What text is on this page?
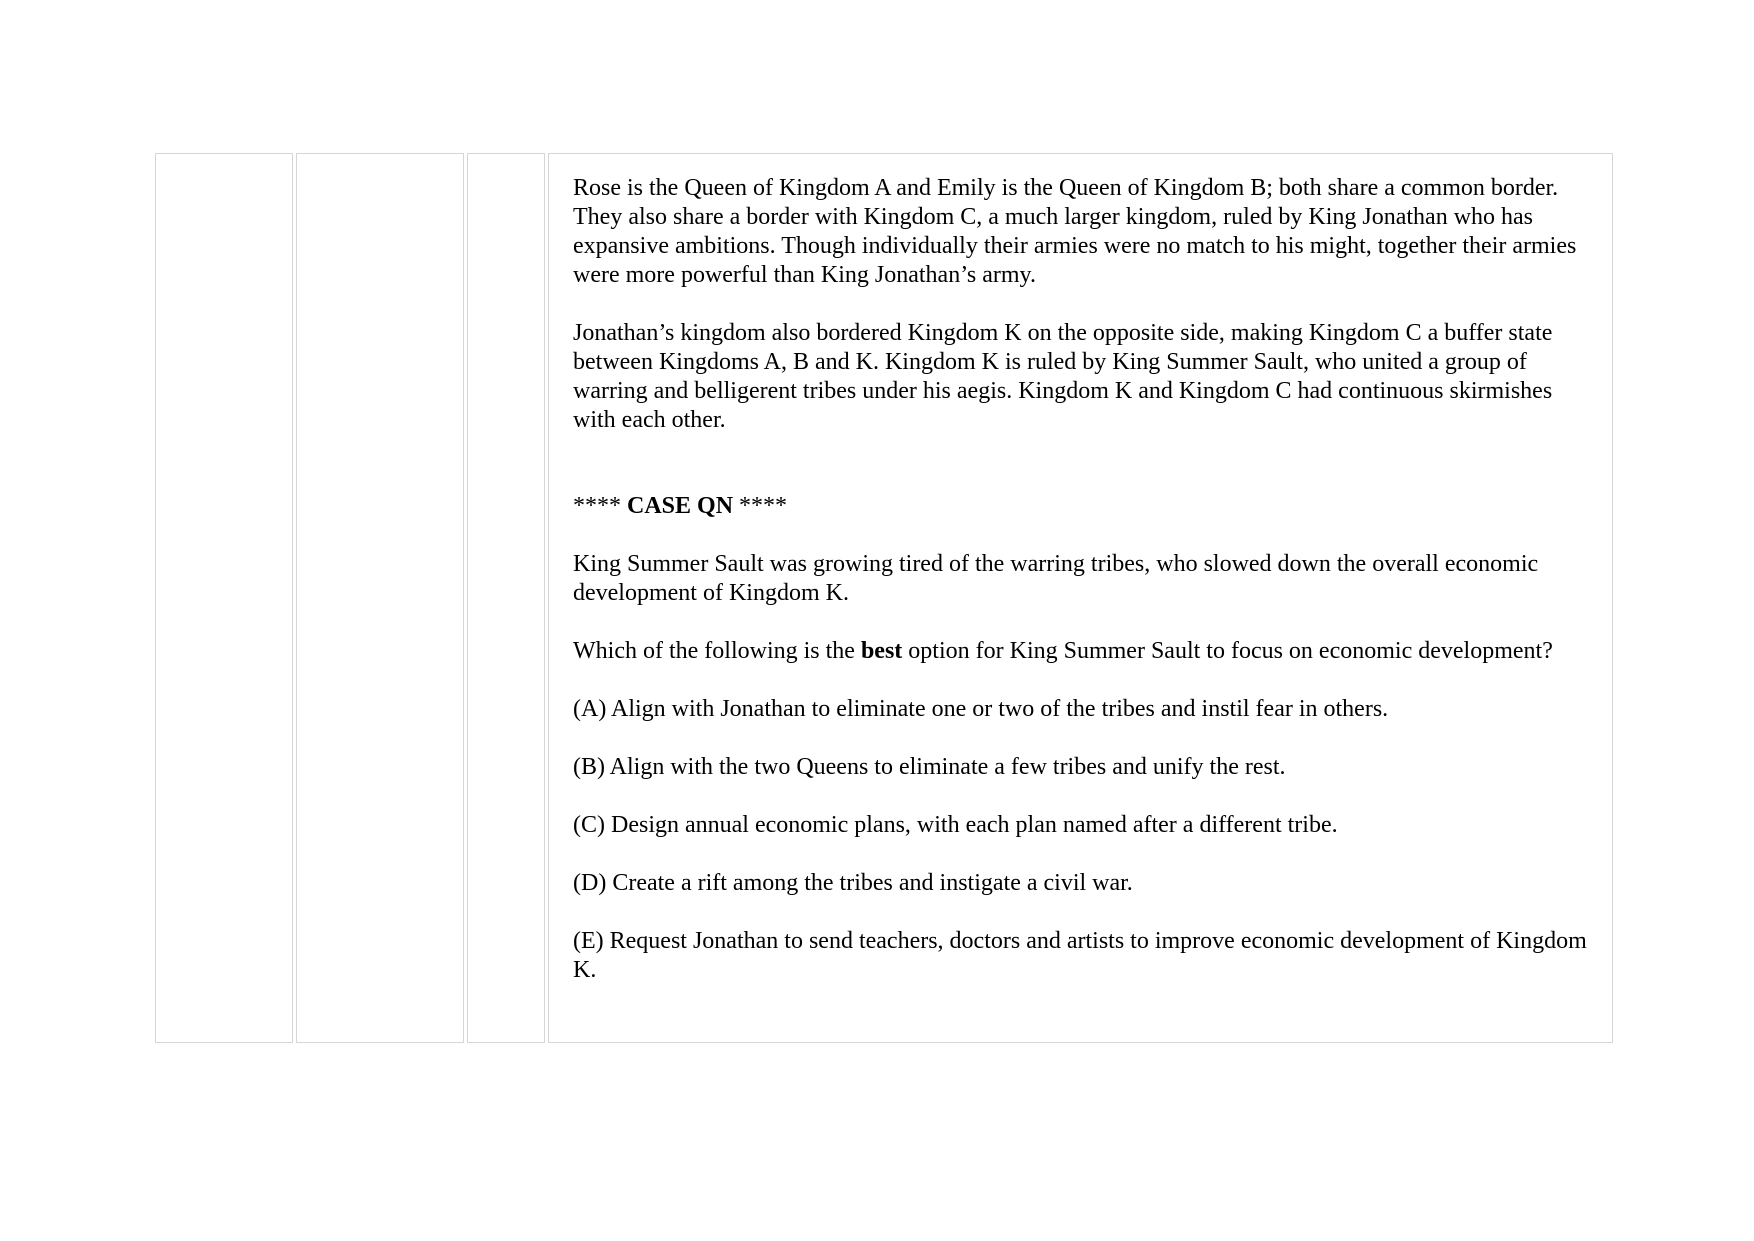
Rose is the Queen of Kingdom A and Emily is the Queen of Kingdom B; both share a common border. They also share a border with Kingdom C, a much larger kingdom, ruled by King Jonathan who has expansive ambitions. Though individually their armies were no match to his might, together their armies were more powerful than King Jonathan’s army.

Jonathan’s kingdom also bordered Kingdom K on the opposite side, making Kingdom C a buffer state between Kingdoms A, B and K. Kingdom K is ruled by King Summer Sault, who united a group of warring and belligerent tribes under his aegis. Kingdom K and Kingdom C had continuous skirmishes with each other.

**** CASE QN ****

King Summer Sault was growing tired of the warring tribes, who slowed down the overall economic development of Kingdom K.

Which of the following is the best option for King Summer Sault to focus on economic development?

(A) Align with Jonathan to eliminate one or two of the tribes and instil fear in others.

(B) Align with the two Queens to eliminate a few tribes and unify the rest.

(C) Design annual economic plans, with each plan named after a different tribe.

(D) Create a rift among the tribes and instigate a civil war.

(E) Request Jonathan to send teachers, doctors and artists to improve economic development of Kingdom K.
